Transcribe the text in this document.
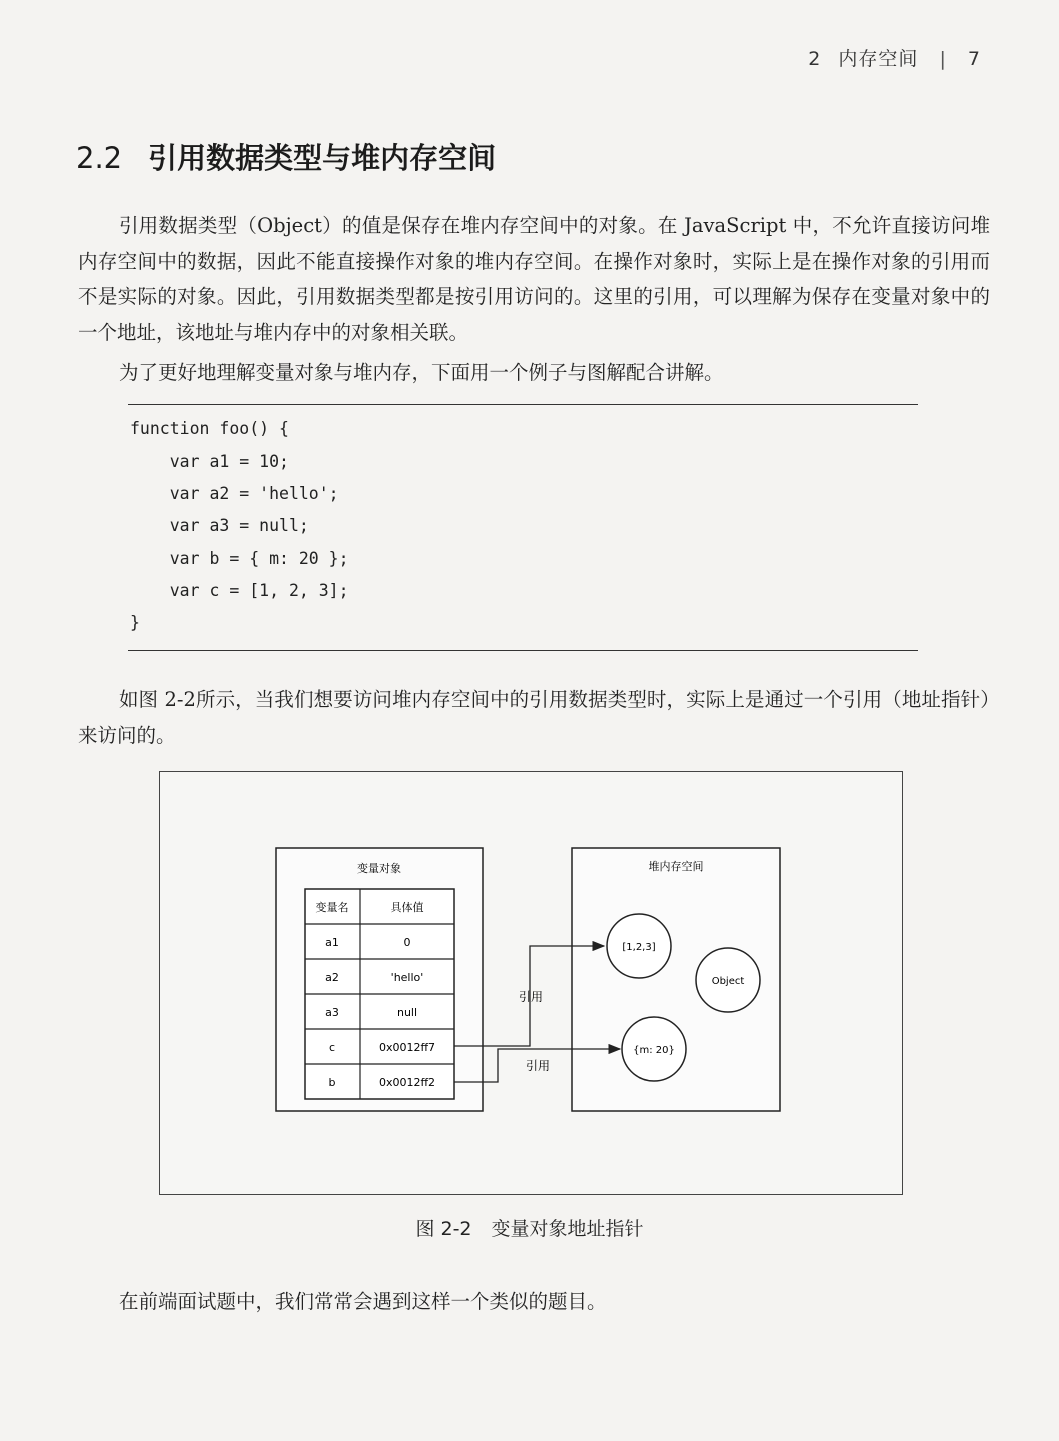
2 内存空间 | 7
2.2 引用数据类型与堆内存空间
引用数据类型（Object）的值是保存在堆内存空间中的对象。在 JavaScript 中，不允许直接访问堆内存空间中的数据，因此不能直接操作对象的堆内存空间。在操作对象时，实际上是在操作对象的引用而不是实际的对象。因此，引用数据类型都是按引用访问的。这里的引用，可以理解为保存在变量对象中的一个地址，该地址与堆内存中的对象相关联。
为了更好地理解变量对象与堆内存，下面用一个例子与图解配合讲解。
function foo() {
var a1 = 10;
var a2 = 'hello';
var a3 = null;
var b = { m: 20 };
var c = [1, 2, 3];
}
如图 2-2所示，当我们想要访问堆内存空间中的引用数据类型时，实际上是通过一个引用（地址指针）来访问的。
变量对象
变量名	具体值
a1	0
a2	'hello'
a3	null
c	0x0012ff7
b	0x0012ff2
堆内存空间
[1,2,3]
Object
{m: 20}
引用
引用
图 2-2 变量对象地址指针
在前端面试题中，我们常常会遇到这样一个类似的题目。
